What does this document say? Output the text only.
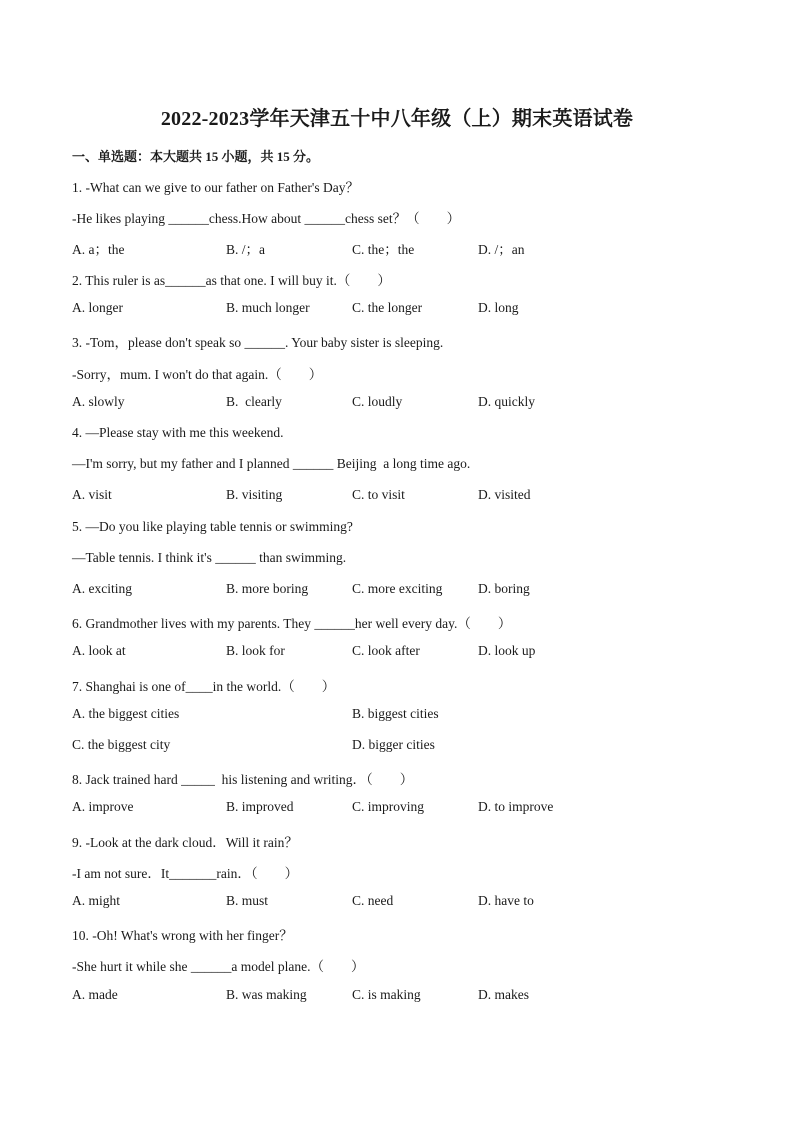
2022-2023学年天津五十中八年级（上）期末英语试卷
一、单选题：本大题共 15 小题，共 15 分。
1. -What can we give to our father on Father's Day？
-He likes playing ______chess.How about ______chess set？（　　）
A. a；the	B. /；a	C. the；the	D. /；an
2. This ruler is as______as that one. I will buy it.（　　）
A. longer	B. much longer	C. the longer	D. long
3. -Tom，please don't speak so ______. Your baby sister is sleeping.
-Sorry，mum. I won't do that again.（　　）
A. slowly	B.  clearly	C. loudly	D. quickly
4. —Please stay with me this weekend.
—I'm sorry, but my father and I planned ______ Beijing  a long time ago.
A. visit	B. visiting	C. to visit	D. visited
5. —Do you like playing table tennis or swimming?
—Table tennis. I think it's ______ than swimming.
A. exciting	B. more boring	C. more exciting	D. boring
6. Grandmother lives with my parents. They ______her well every day.（　　）
A. look at	B. look for	C. look after	D. look up
7. Shanghai is one of____in the world.（　　）
A. the biggest cities	B. biggest cities
C. the biggest city	D. bigger cities
8. Jack trained hard _____  his listening and writing．（　　）
A. improve	B. improved	C. improving	D. to improve
9. -Look at the dark cloud．Will it rain？
-I am not sure．It_______rain．（　　）
A. might	B. must	C. need	D. have to
10. -Oh! What's wrong with her finger？
-She hurt it while she ______a model plane.（　　）
A. made	B. was making	C. is making	D. makes
